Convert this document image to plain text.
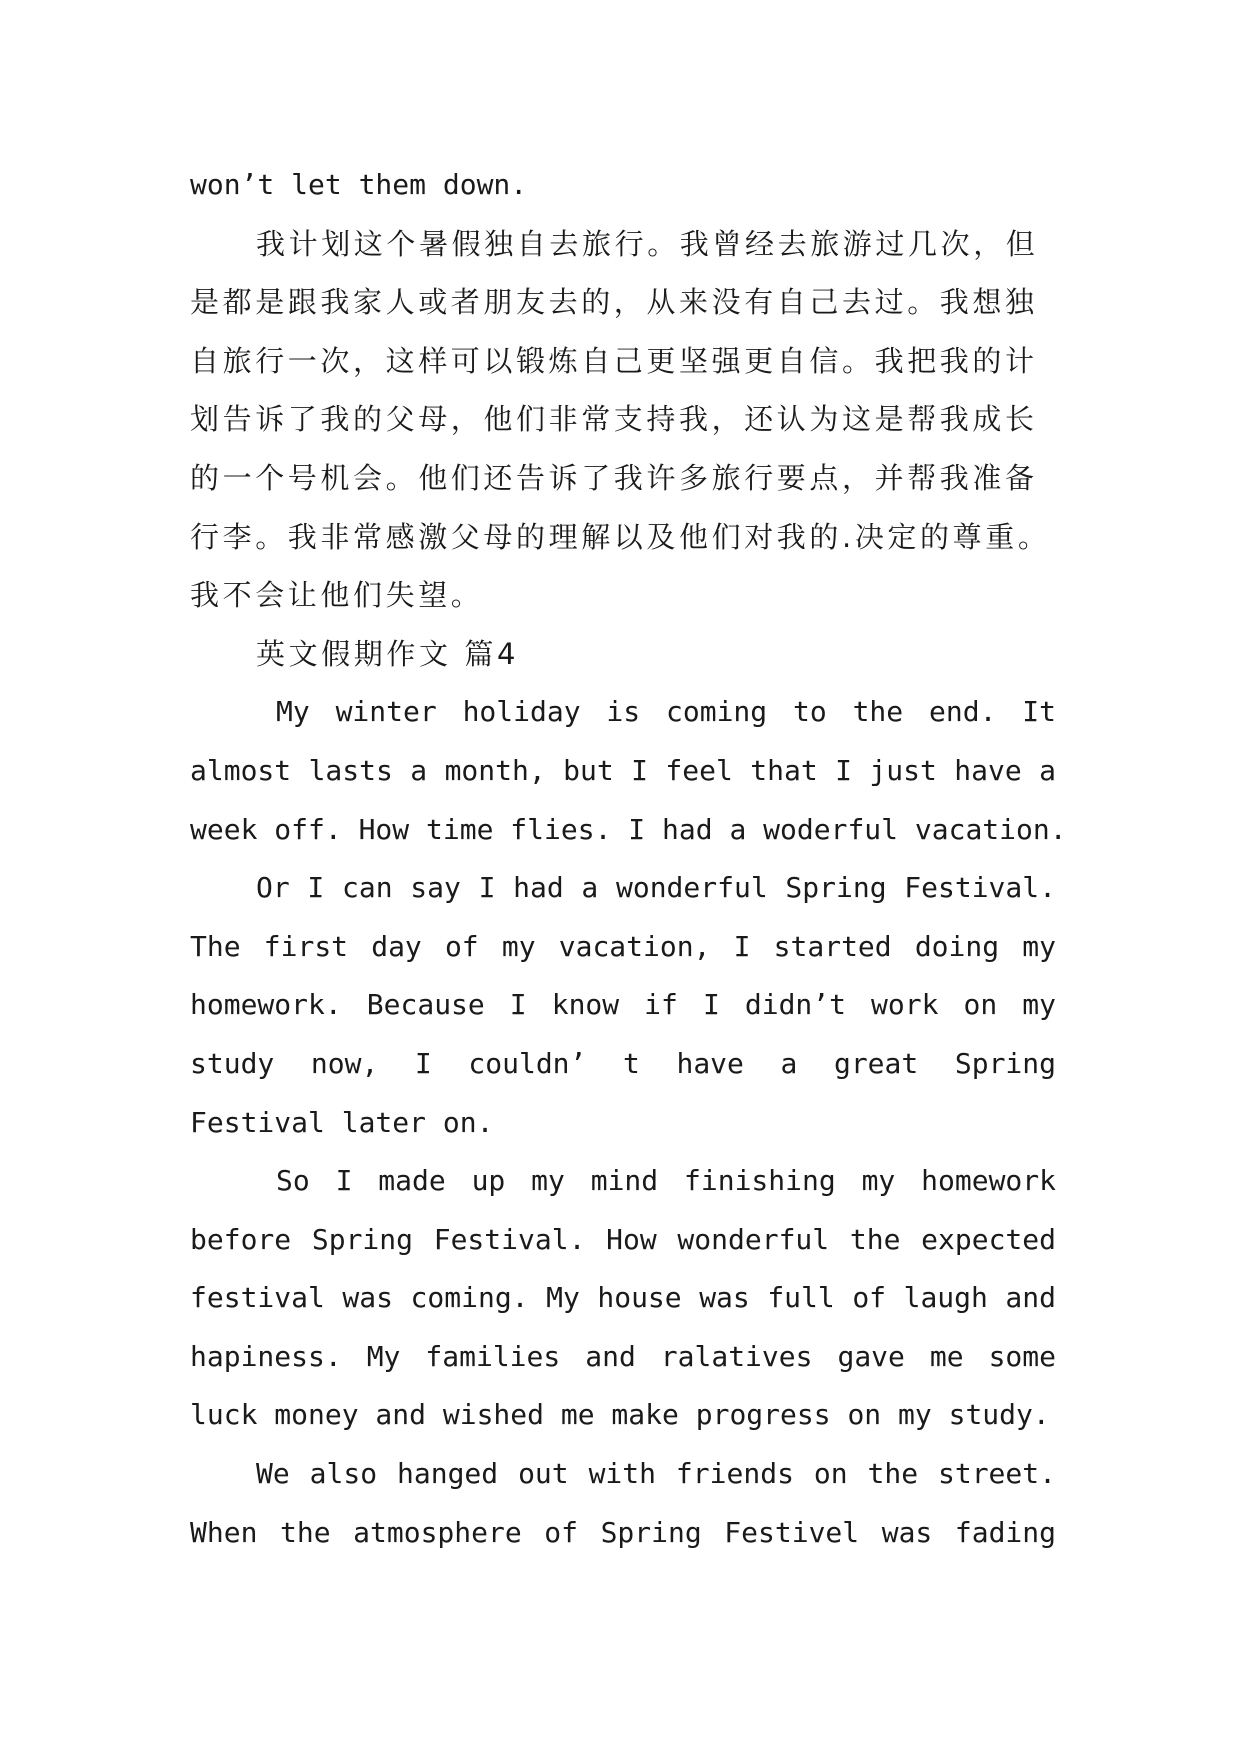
won’t let them down.

我计划这个暑假独自去旅行。我曾经去旅游过几次，但

是都是跟我家人或者朋友去的，从来没有自己去过。我想独

自旅行一次，这样可以锻炼自己更坚强更自信。我把我的计

划告诉了我的父母，他们非常支持我，还认为这是帮我成长

的一个号机会。他们还告诉了我许多旅行要点，并帮我准备

行李。我非常感激父母的理解以及他们对我的.决定的尊重。

我不会让他们失望。

英文假期作文 篇4

My winter holiday is coming to the end. It

almost lasts a month, but I feel that I just have a

week off. How time flies. I had a woderful vacation.

Or I can say I had a wonderful Spring Festival.

The first day of my vacation, I started doing my

homework. Because I know if I didn’t work on my

study now, I couldn’ t have a great Spring

Festival later on.

So I made up my mind finishing my homework

before Spring Festival. How wonderful the expected

festival was coming. My house was full of laugh and

hapiness. My families and ralatives gave me some

luck money and wished me make progress on my study.

We also hanged out with friends on the street.

When the atmosphere of Spring Festivel was fading
